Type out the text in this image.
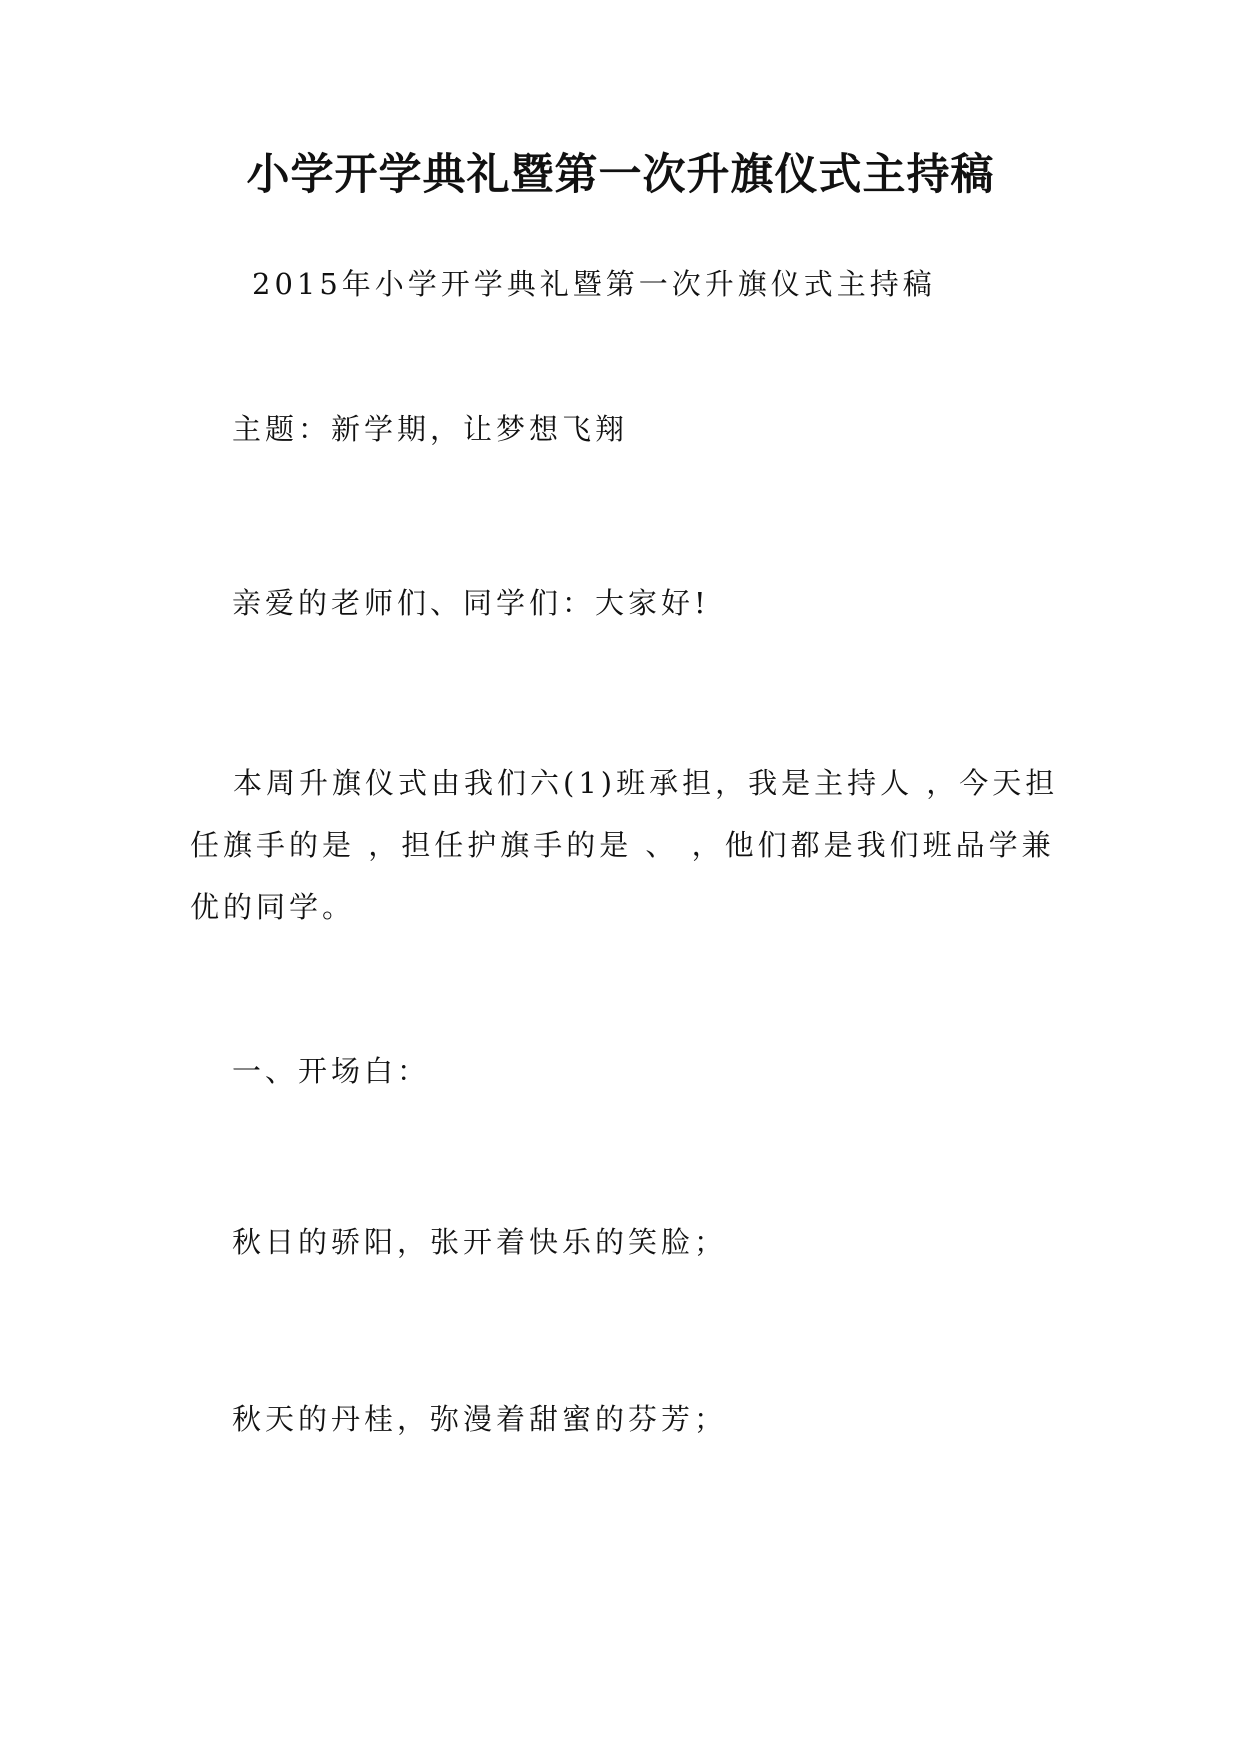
小学开学典礼暨第一次升旗仪式主持稿
2015年小学开学典礼暨第一次升旗仪式主持稿
主题：新学期，让梦想飞翔
亲爱的老师们、同学们：大家好!
本周升旗仪式由我们六(1)班承担，我是主持人 ，今天担任旗手的是 ，担任护旗手的是 、 ，他们都是我们班品学兼优的同学。
一、开场白：
秋日的骄阳，张开着快乐的笑脸；
秋天的丹桂，弥漫着甜蜜的芬芳；
